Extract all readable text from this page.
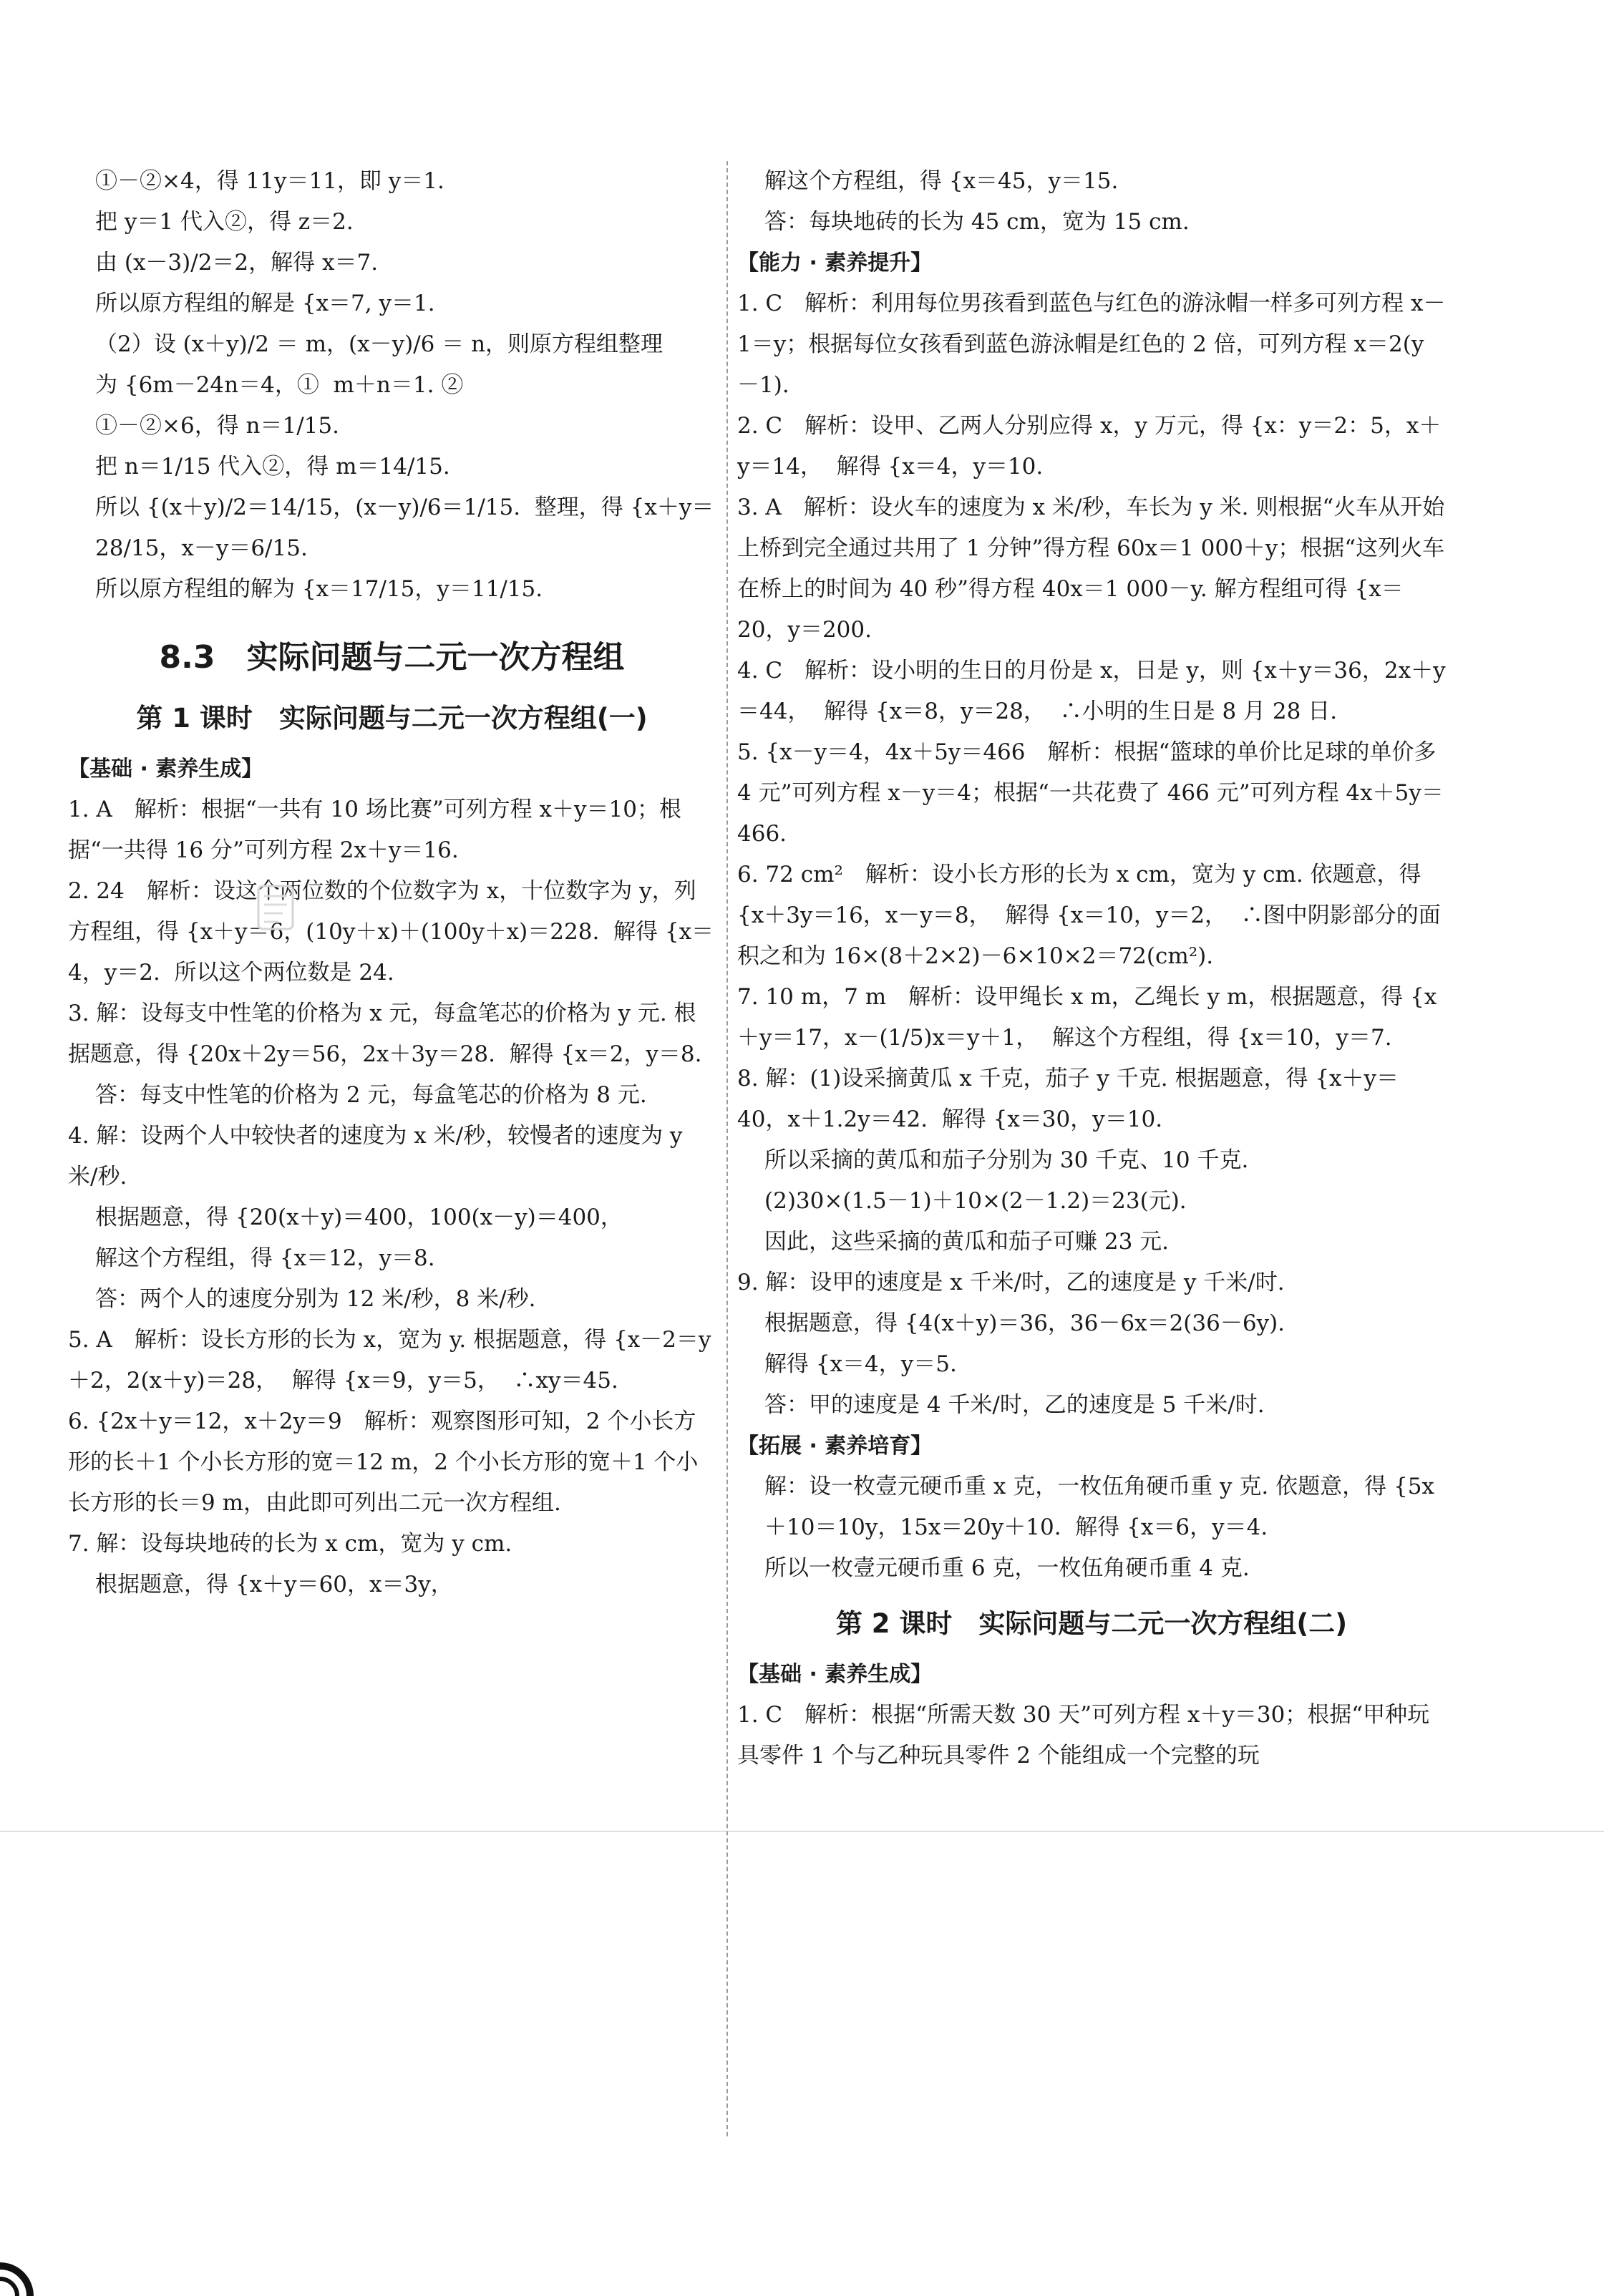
①－②×4，得 11y＝11，即 y＝1.
把 y＝1 代入②，得 z＝2.
由 (x－3)/2＝2，解得 x＝7.
所以原方程组的解是 {x＝7, y＝1.
（2）设 (x＋y)/2 ＝ m，(x－y)/6 ＝ n，则原方程组整理
为 {6m－24n＝4，①  m＋n＝1. ②
①－②×6，得 n＝1/15.
把 n＝1/15 代入②，得 m＝14/15.
所以 {(x＋y)/2＝14/15，(x－y)/6＝1/15.  整理，得 {x＋y＝28/15，x－y＝6/15.
所以原方程组的解为 {x＝17/15，y＝11/15.
8.3　实际问题与二元一次方程组
第 1 课时　实际问题与二元一次方程组(一)
【基础 · 素养生成】
1. A　解析：根据“一共有 10 场比赛”可列方程 x＋y＝10；根据“一共得 16 分”可列方程 2x＋y＝16.
2. 24　解析：设这个两位数的个位数字为 x，十位数字为 y，列方程组，得 {x＋y＝6，(10y＋x)＋(100y＋x)＝228.  解得 {x＝4，y＝2.  所以这个两位数是 24.
3. 解：设每支中性笔的价格为 x 元，每盒笔芯的价格为 y 元. 根据题意，得 {20x＋2y＝56，2x＋3y＝28.  解得 {x＝2，y＝8.
答：每支中性笔的价格为 2 元，每盒笔芯的价格为 8 元.
4. 解：设两个人中较快者的速度为 x 米/秒，较慢者的速度为 y 米/秒.
根据题意，得 {20(x＋y)＝400，100(x－y)＝400，
解这个方程组，得 {x＝12，y＝8.
答：两个人的速度分别为 12 米/秒，8 米/秒.
5. A　解析：设长方形的长为 x，宽为 y. 根据题意，得 {x－2＝y＋2，2(x＋y)＝28，  解得 {x＝9，y＝5，  ∴xy＝45.
6. {2x＋y＝12，x＋2y＝9　解析：观察图形可知，2 个小长方形的长＋1 个小长方形的宽＝12 m，2 个小长方形的宽＋1 个小长方形的长＝9 m，由此即可列出二元一次方程组.
7. 解：设每块地砖的长为 x cm，宽为 y cm.
根据题意，得 {x＋y＝60，x＝3y，
解这个方程组，得 {x＝45，y＝15.
答：每块地砖的长为 45 cm，宽为 15 cm.
【能力 · 素养提升】
1. C　解析：利用每位男孩看到蓝色与红色的游泳帽一样多可列方程 x－1＝y；根据每位女孩看到蓝色游泳帽是红色的 2 倍，可列方程 x＝2(y－1).
2. C　解析：设甲、乙两人分别应得 x，y 万元，得 {x：y＝2：5，x＋y＝14，  解得 {x＝4，y＝10.
3. A　解析：设火车的速度为 x 米/秒，车长为 y 米. 则根据“火车从开始上桥到完全通过共用了 1 分钟”得方程 60x＝1 000＋y；根据“这列火车在桥上的时间为 40 秒”得方程 40x＝1 000－y. 解方程组可得 {x＝20，y＝200.
4. C　解析：设小明的生日的月份是 x，日是 y，则 {x＋y＝36，2x＋y＝44，  解得 {x＝8，y＝28，  ∴小明的生日是 8 月 28 日.
5. {x－y＝4，4x＋5y＝466　解析：根据“篮球的单价比足球的单价多 4 元”可列方程 x－y＝4；根据“一共花费了 466 元”可列方程 4x＋5y＝466.
6. 72 cm²　解析：设小长方形的长为 x cm，宽为 y cm. 依题意，得 {x＋3y＝16，x－y＝8，  解得 {x＝10，y＝2，  ∴图中阴影部分的面积之和为 16×(8＋2×2)－6×10×2＝72(cm²).
7. 10 m，7 m　解析：设甲绳长 x m，乙绳长 y m，根据题意，得 {x＋y＝17，x－(1/5)x＝y＋1，  解这个方程组，得 {x＝10，y＝7.
8. 解：(1)设采摘黄瓜 x 千克，茄子 y 千克. 根据题意，得 {x＋y＝40，x＋1.2y＝42.  解得 {x＝30，y＝10.
所以采摘的黄瓜和茄子分别为 30 千克、10 千克.
(2)30×(1.5－1)＋10×(2－1.2)＝23(元).
因此，这些采摘的黄瓜和茄子可赚 23 元.
9. 解：设甲的速度是 x 千米/时，乙的速度是 y 千米/时.
根据题意，得 {4(x＋y)＝36，36－6x＝2(36－6y).
解得 {x＝4，y＝5.
答：甲的速度是 4 千米/时，乙的速度是 5 千米/时.
【拓展 · 素养培育】
解：设一枚壹元硬币重 x 克，一枚伍角硬币重 y 克. 依题意，得 {5x＋10＝10y，15x＝20y＋10.  解得 {x＝6，y＝4.
所以一枚壹元硬币重 6 克，一枚伍角硬币重 4 克.
第 2 课时　实际问题与二元一次方程组(二)
【基础 · 素养生成】
1. C　解析：根据“所需天数 30 天”可列方程 x＋y＝30；根据“甲种玩具零件 1 个与乙种玩具零件 2 个能组成一个完整的玩
